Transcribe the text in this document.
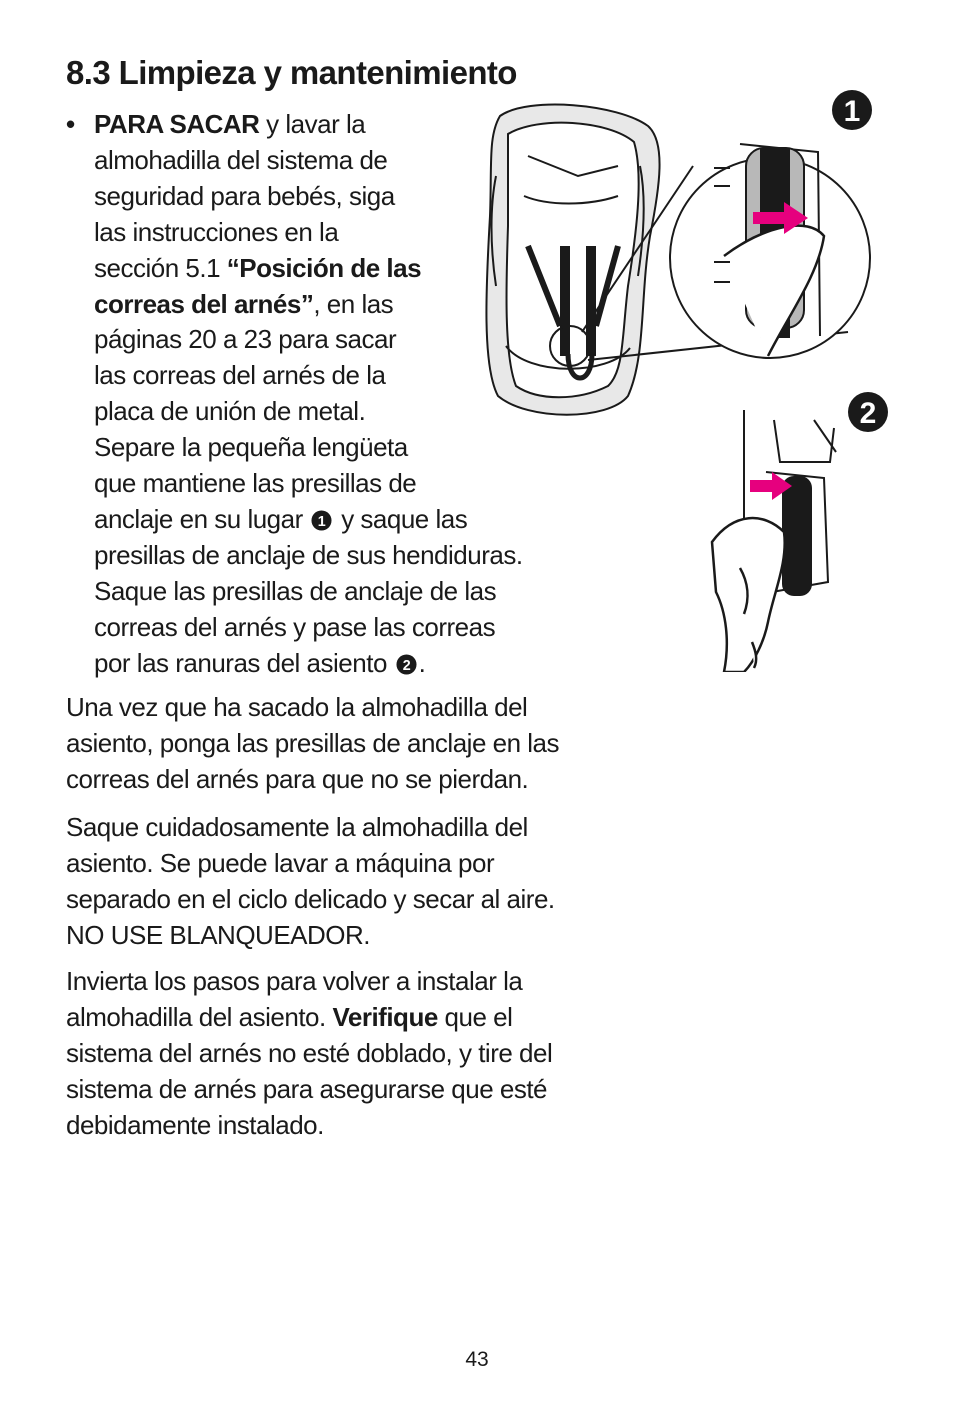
8.3 Limpieza y mantenimiento
• PARA SACAR y lavar la
almohadilla del sistema de
seguridad para bebés, siga
las instrucciones en la
sección 5.1 “Posición de las
correas del arnés”, en las
páginas 20 a 23 para sacar
las correas del arnés de la
placa de unión de metal.
Separe la pequeña lengüeta
que mantiene las presillas de
anclaje en su lugar 1 y saque las
presillas de anclaje de sus hendiduras.
Saque las presillas de anclaje de las
correas del arnés y pase las correas
por las ranuras del asiento 2 .

Una vez que ha sacado la almohadilla del
asiento, ponga las presillas de anclaje en las
correas del arnés para que no se pierdan.

Saque cuidadosamente la almohadilla del
asiento. Se puede lavar a máquina por
separado en el ciclo delicado y secar al aire.
NO USE BLANQUEADOR.

Invierta los pasos para volver a instalar la
almohadilla del asiento. Verifique que el
sistema del arnés no esté doblado, y tire del
sistema de arnés para asegurarse que esté
debidamente instalado.

1
2
43
